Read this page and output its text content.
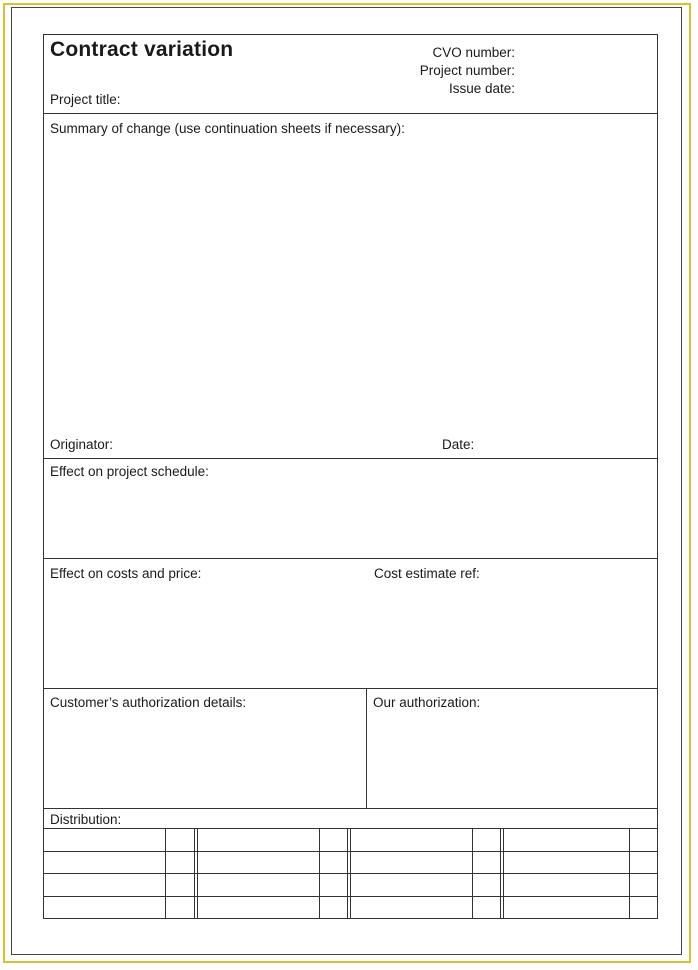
Contract variation	CVO number:
Project number:
Issue date:
Project title:
Summary of change (use continuation sheets if necessary):
Originator:	Date:
Effect on project schedule:
Effect on costs and price:	Cost estimate ref:
Customer’s authorization details:	Our authorization:
Distribution:
